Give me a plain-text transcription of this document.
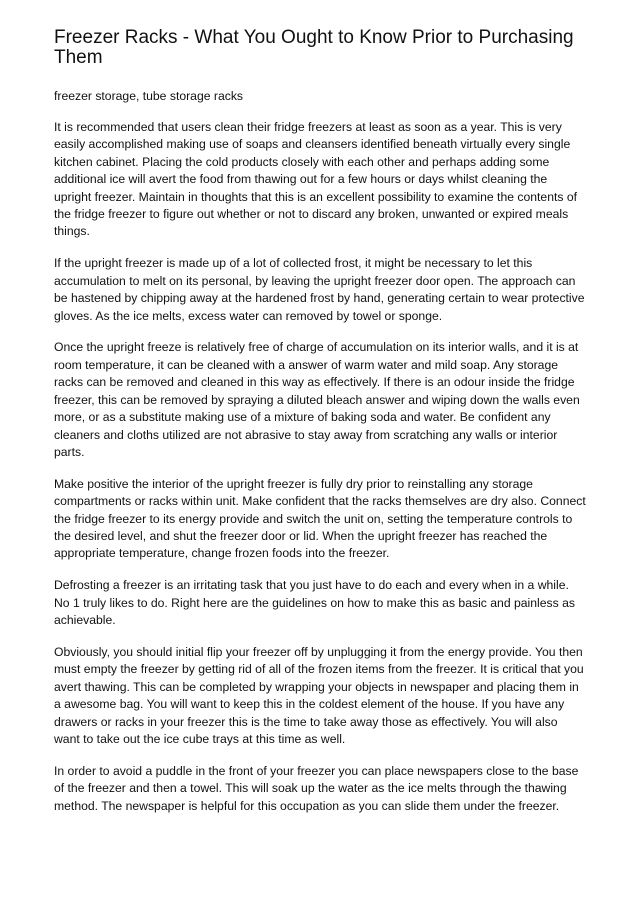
Freezer Racks - What You Ought to Know Prior to Purchasing Them
freezer storage, tube storage racks
It is recommended that users clean their fridge freezers at least as soon as a year. This is very easily accomplished making use of soaps and cleansers identified beneath virtually every single kitchen cabinet. Placing the cold products closely with each other and perhaps adding some additional ice will avert the food from thawing out for a few hours or days whilst cleaning the upright freezer. Maintain in thoughts that this is an excellent possibility to examine the contents of the fridge freezer to figure out whether or not to discard any broken, unwanted or expired meals things.
If the upright freezer is made up of a lot of collected frost, it might be necessary to let this accumulation to melt on its personal, by leaving the upright freezer door open. The approach can be hastened by chipping away at the hardened frost by hand, generating certain to wear protective gloves. As the ice melts, excess water can removed by towel or sponge.
Once the upright freeze is relatively free of charge of accumulation on its interior walls, and it is at room temperature, it can be cleaned with a answer of warm water and mild soap. Any storage racks can be removed and cleaned in this way as effectively. If there is an odour inside the fridge freezer, this can be removed by spraying a diluted bleach answer and wiping down the walls even more, or as a substitute making use of a mixture of baking soda and water. Be confident any cleaners and cloths utilized are not abrasive to stay away from scratching any walls or interior parts.
Make positive the interior of the upright freezer is fully dry prior to reinstalling any storage compartments or racks within unit. Make confident that the racks themselves are dry also. Connect the fridge freezer to its energy provide and switch the unit on, setting the temperature controls to the desired level, and shut the freezer door or lid. When the upright freezer has reached the appropriate temperature, change frozen foods into the freezer.
Defrosting a freezer is an irritating task that you just have to do each and every when in a while. No 1 truly likes to do. Right here are the guidelines on how to make this as basic and painless as achievable.
Obviously, you should initial flip your freezer off by unplugging it from the energy provide. You then must empty the freezer by getting rid of all of the frozen items from the freezer. It is critical that you avert thawing. This can be completed by wrapping your objects in newspaper and placing them in a awesome bag. You will want to keep this in the coldest element of the house. If you have any drawers or racks in your freezer this is the time to take away those as effectively. You will also want to take out the ice cube trays at this time as well.
In order to avoid a puddle in the front of your freezer you can place newspapers close to the base of the freezer and then a towel. This will soak up the water as the ice melts through the thawing method. The newspaper is helpful for this occupation as you can slide them under the freezer.
